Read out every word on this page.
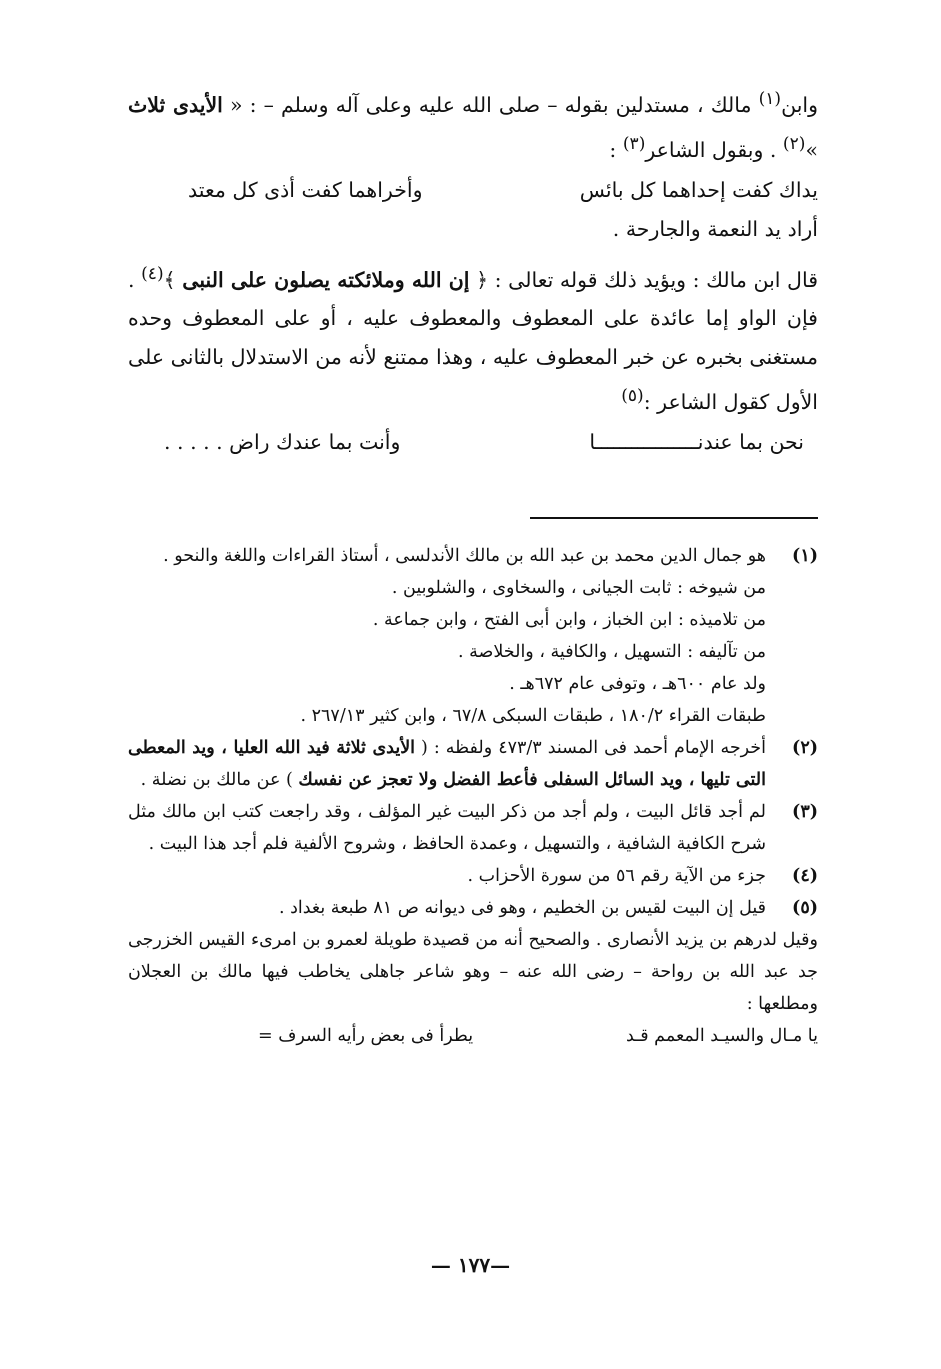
وابن$^{(١)}$ مالك ، مستدلين بقوله – صلى الله عليه وعلى آله وسلم – : « الأيدى ثلاث »$^{(٢)}$ . وبقول الشاعر$^{(٣)}$ :

يداك كفت إحداهما كل بائس
وأخراهما كفت أذى كل معتد

أراد يد النعمة والجارحة .

قال ابن مالك : ويؤيد ذلك قوله تعالى : ﴿ إن الله وملائكته يصلون على النبى ﴾$^{(٤)}$ . فإن الواو إما عائدة على المعطوف والمعطوف عليه ، أو على المعطوف وحده مستغنى بخبره عن خبر المعطوف عليه ، وهذا ممتنع لأنه من الاستدلال بالثانى على الأول كقول الشاعر :$^{(٥)}$

نحن بما عندنـــــــــــــــــا
وأنت بما عندك راض . . . . .
(١)
هو جمال الدين محمد بن عبد الله بن مالك الأندلسى ، أستاذ القراءات واللغة والنحو .
من شيوخه : ثابت الجيانى ، والسخاوى ، والشلوبين .
من تلاميذه : ابن الخباز ، وابن أبى الفتح ، وابن جماعة .
من تآليفه : التسهيل ، والكافية ، والخلاصة .
ولد عام ٦٠٠هـ ، وتوفى عام ٦٧٢هـ .
طبقات القراء ١٨٠/٢ ، طبقات السبكى ٦٧/٨ ، وابن كثير ٢٦٧/١٣ .
(٢)
أخرجه الإمام أحمد فى المسند ٤٧٣/٣ ولفظه : ( الأيدى ثلاثة فيد الله العليا ، ويد المعطى التى تليها ، ويد السائل السفلى فأعط الفضل ولا تعجز عن نفسك ) عن مالك بن نضلة .
(٣)
لم أجد قائل البيت ، ولم أجد من ذكر البيت غير المؤلف ، وقد راجعت كتب ابن مالك مثل شرح الكافية الشافية ، والتسهيل ، وعمدة الحافظ ، وشروح الألفية فلم أجد هذا البيت .
(٤)
جزء من الآية رقم ٥٦ من سورة الأحزاب .
(٥)
قيل إن البيت لقيس بن الخطيم ، وهو فى ديوانه ص ٨١ طبعة بغداد .
وقيل لدرهم بن يزيد الأنصارى . والصحيح أنه من قصيدة طويلة لعمرو بن امرىء القيس الخزرجى جد عبد الله بن رواحة – رضى الله عنه – وهو شاعر جاهلى يخاطب فيها مالك بن العجلان ومطلعها :
يا مـال والسيـد المعمم قـد
يطرأ فى بعض رأيه السرف =
—١٧٧ —
